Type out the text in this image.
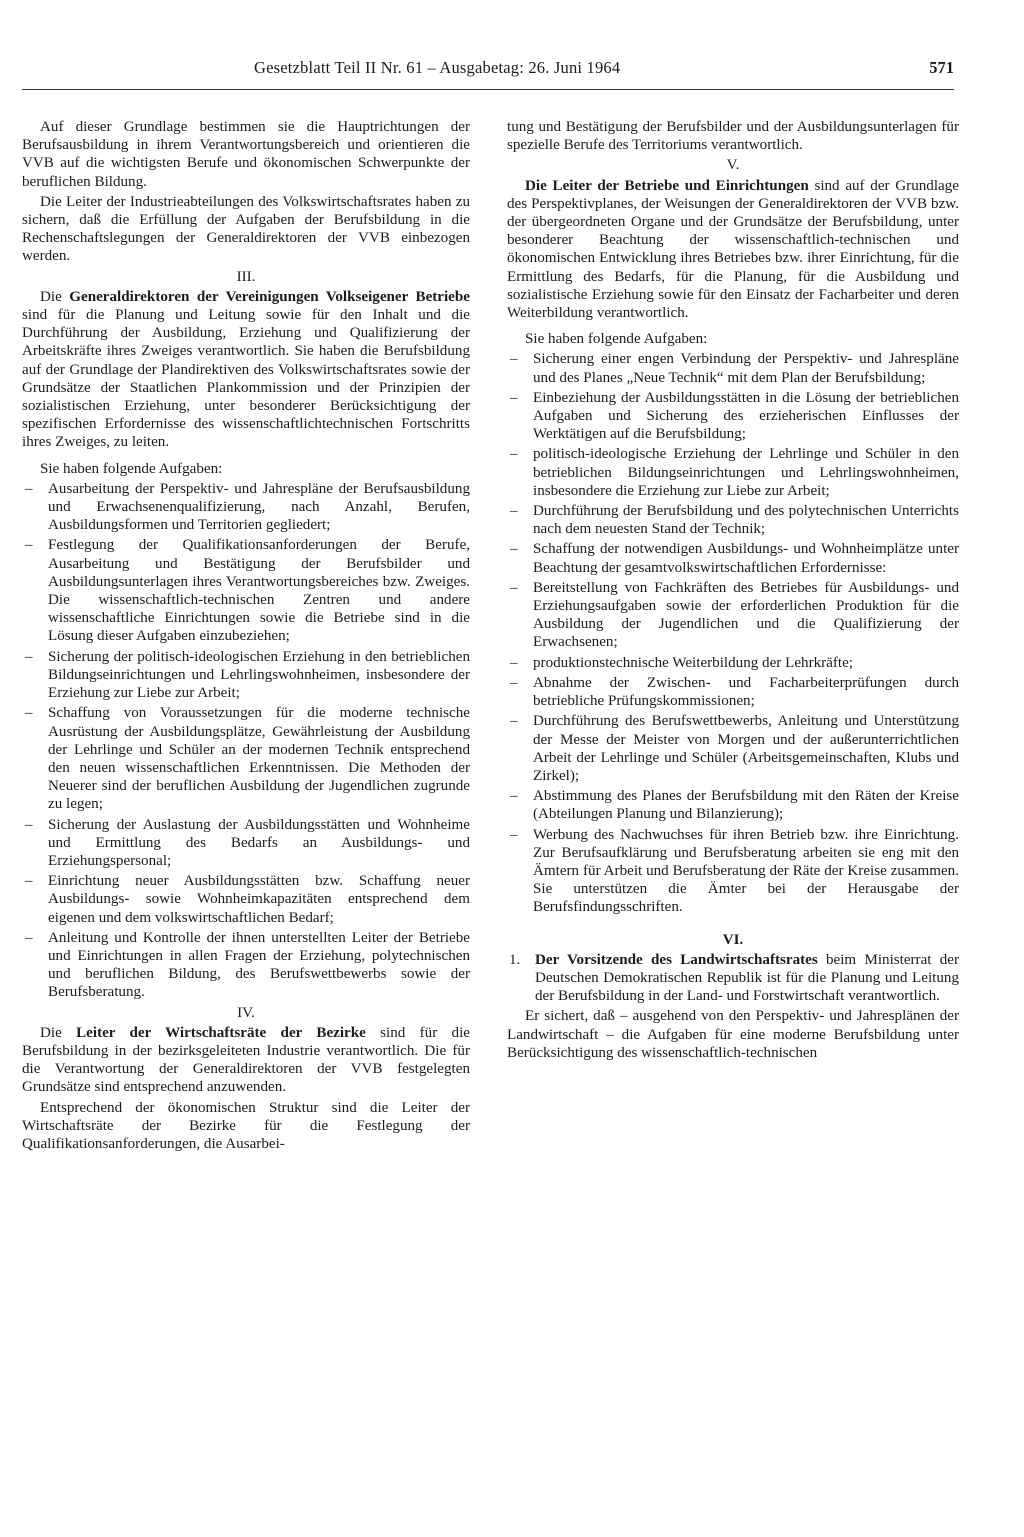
Gesetzblatt Teil II Nr. 61 – Ausgabetag: 26. Juni 1964	571

Auf dieser Grundlage bestimmen sie die Hauptrichtungen der Berufsausbildung in ihrem Verantwortungsbereich und orientieren die VVB auf die wichtigsten Berufe und ökonomischen Schwerpunkte der beruflichen Bildung.

Die Leiter der Industrieabteilungen des Volkswirtschaftsrates haben zu sichern, daß die Erfüllung der Aufgaben der Berufsbildung in die Rechenschaftslegungen der Generaldirektoren der VVB einbezogen werden.

III.

Die Generaldirektoren der Vereinigungen Volkseigener Betriebe sind für die Planung und Leitung sowie für den Inhalt und die Durchführung der Ausbildung, Erziehung und Qualifizierung der Arbeitskräfte ihres Zweiges verantwortlich. Sie haben die Berufsbildung auf der Grundlage der Plandirektiven des Volkswirtschaftsrates sowie der Grundsätze der Staatlichen Plankommission und der Prinzipien der sozialistischen Erziehung, unter besonderer Berücksichtigung der spezifischen Erfordernisse des wissenschaftlichtechnischen Fortschritts ihres Zweiges, zu leiten.

Sie haben folgende Aufgaben:

– Ausarbeitung der Perspektiv- und Jahrespläne der Berufsausbildung und Erwachsenenqualifizierung, nach Anzahl, Berufen, Ausbildungsformen und Territorien gegliedert;
– Festlegung der Qualifikationsanforderungen der Berufe, Ausarbeitung und Bestätigung der Berufsbilder und Ausbildungsunterlagen ihres Verantwortungsbereiches bzw. Zweiges. Die wissenschaftlich-technischen Zentren und andere wissenschaftliche Einrichtungen sowie die Betriebe sind in die Lösung dieser Aufgaben einzubeziehen;
– Sicherung der politisch-ideologischen Erziehung in den betrieblichen Bildungseinrichtungen und Lehrlingswohnheimen, insbesondere der Erziehung zur Liebe zur Arbeit;
– Schaffung von Voraussetzungen für die moderne technische Ausrüstung der Ausbildungsplätze, Gewährleistung der Ausbildung der Lehrlinge und Schüler an der modernen Technik entsprechend den neuen wissenschaftlichen Erkenntnissen. Die Methoden der Neuerer sind der beruflichen Ausbildung der Jugendlichen zugrunde zu legen;
– Sicherung der Auslastung der Ausbildungsstätten und Wohnheime und Ermittlung des Bedarfs an Ausbildungs- und Erziehungspersonal;
– Einrichtung neuer Ausbildungsstätten bzw. Schaffung neuer Ausbildungs- sowie Wohnheimkapazitäten entsprechend dem eigenen und dem volkswirtschaftlichen Bedarf;
– Anleitung und Kontrolle der ihnen unterstellten Leiter der Betriebe und Einrichtungen in allen Fragen der Erziehung, polytechnischen und beruflichen Bildung, des Berufswettbewerbs sowie der Berufsberatung.
IV.

Die Leiter der Wirtschaftsräte der Bezirke sind für die Berufsbildung in der bezirksgeleiteten Industrie verantwortlich. Die für die Verantwortung der Generaldirektoren der VVB festgelegten Grundsätze sind entsprechend anzuwenden.

Entsprechend der ökonomischen Struktur sind die Leiter der Wirtschaftsräte der Bezirke für die Festlegung der Qualifikationsanforderungen, die Ausarbei-

tung und Bestätigung der Berufsbilder und der Ausbildungsunterlagen für spezielle Berufe des Territoriums verantwortlich.

V.

Die Leiter der Betriebe und Einrichtungen sind auf der Grundlage des Perspektivplanes, der Weisungen der Generaldirektoren der VVB bzw. der übergeordneten Organe und der Grundsätze der Berufsbildung, unter besonderer Beachtung der wissenschaftlich-technischen und ökonomischen Entwicklung ihres Betriebes bzw. ihrer Einrichtung, für die Ermittlung des Bedarfs, für die Planung, für die Ausbildung und sozialistische Erziehung sowie für den Einsatz der Facharbeiter und deren Weiterbildung verantwortlich.

Sie haben folgende Aufgaben:

– Sicherung einer engen Verbindung der Perspektiv- und Jahrespläne und des Planes „Neue Technik“ mit dem Plan der Berufsbildung;
– Einbeziehung der Ausbildungsstätten in die Lösung der betrieblichen Aufgaben und Sicherung des erzieherischen Einflusses der Werktätigen auf die Berufsbildung;
– politisch-ideologische Erziehung der Lehrlinge und Schüler in den betrieblichen Bildungseinrichtungen und Lehrlingswohnheimen, insbesondere die Erziehung zur Liebe zur Arbeit;
– Durchführung der Berufsbildung und des polytechnischen Unterrichts nach dem neuesten Stand der Technik;
– Schaffung der notwendigen Ausbildungs- und Wohnheimplätze unter Beachtung der gesamtvolkswirtschaftlichen Erfordernisse:
– Bereitstellung von Fachkräften des Betriebes für Ausbildungs- und Erziehungsaufgaben sowie der erforderlichen Produktion für die Ausbildung der Jugendlichen und die Qualifizierung der Erwachsenen;
– produktionstechnische Weiterbildung der Lehrkräfte;
– Abnahme der Zwischen- und Facharbeiterprüfungen durch betriebliche Prüfungskommissionen;
– Durchführung des Berufswettbewerbs, Anleitung und Unterstützung der Messe der Meister von Morgen und der außerunterrichtlichen Arbeit der Lehrlinge und Schüler (Arbeitsgemeinschaften, Klubs und Zirkel);
– Abstimmung des Planes der Berufsbildung mit den Räten der Kreise (Abteilungen Planung und Bilanzierung);
– Werbung des Nachwuchses für ihren Betrieb bzw. ihre Einrichtung. Zur Berufsaufklärung und Berufsberatung arbeiten sie eng mit den Ämtern für Arbeit und Berufsberatung der Räte der Kreise zusammen. Sie unterstützen die Ämter bei der Herausgabe der Berufsfindungsschriften.
VI.
1. Der Vorsitzende des Landwirtschaftsrates beim Ministerrat der Deutschen Demokratischen Republik ist für die Planung und Leitung der Berufsbildung in der Land- und Forstwirtschaft verantwortlich.

Er sichert, daß – ausgehend von den Perspektiv- und Jahresplänen der Landwirtschaft – die Aufgaben für eine moderne Berufsbildung unter Berücksichtigung des wissenschaftlich-technischen
